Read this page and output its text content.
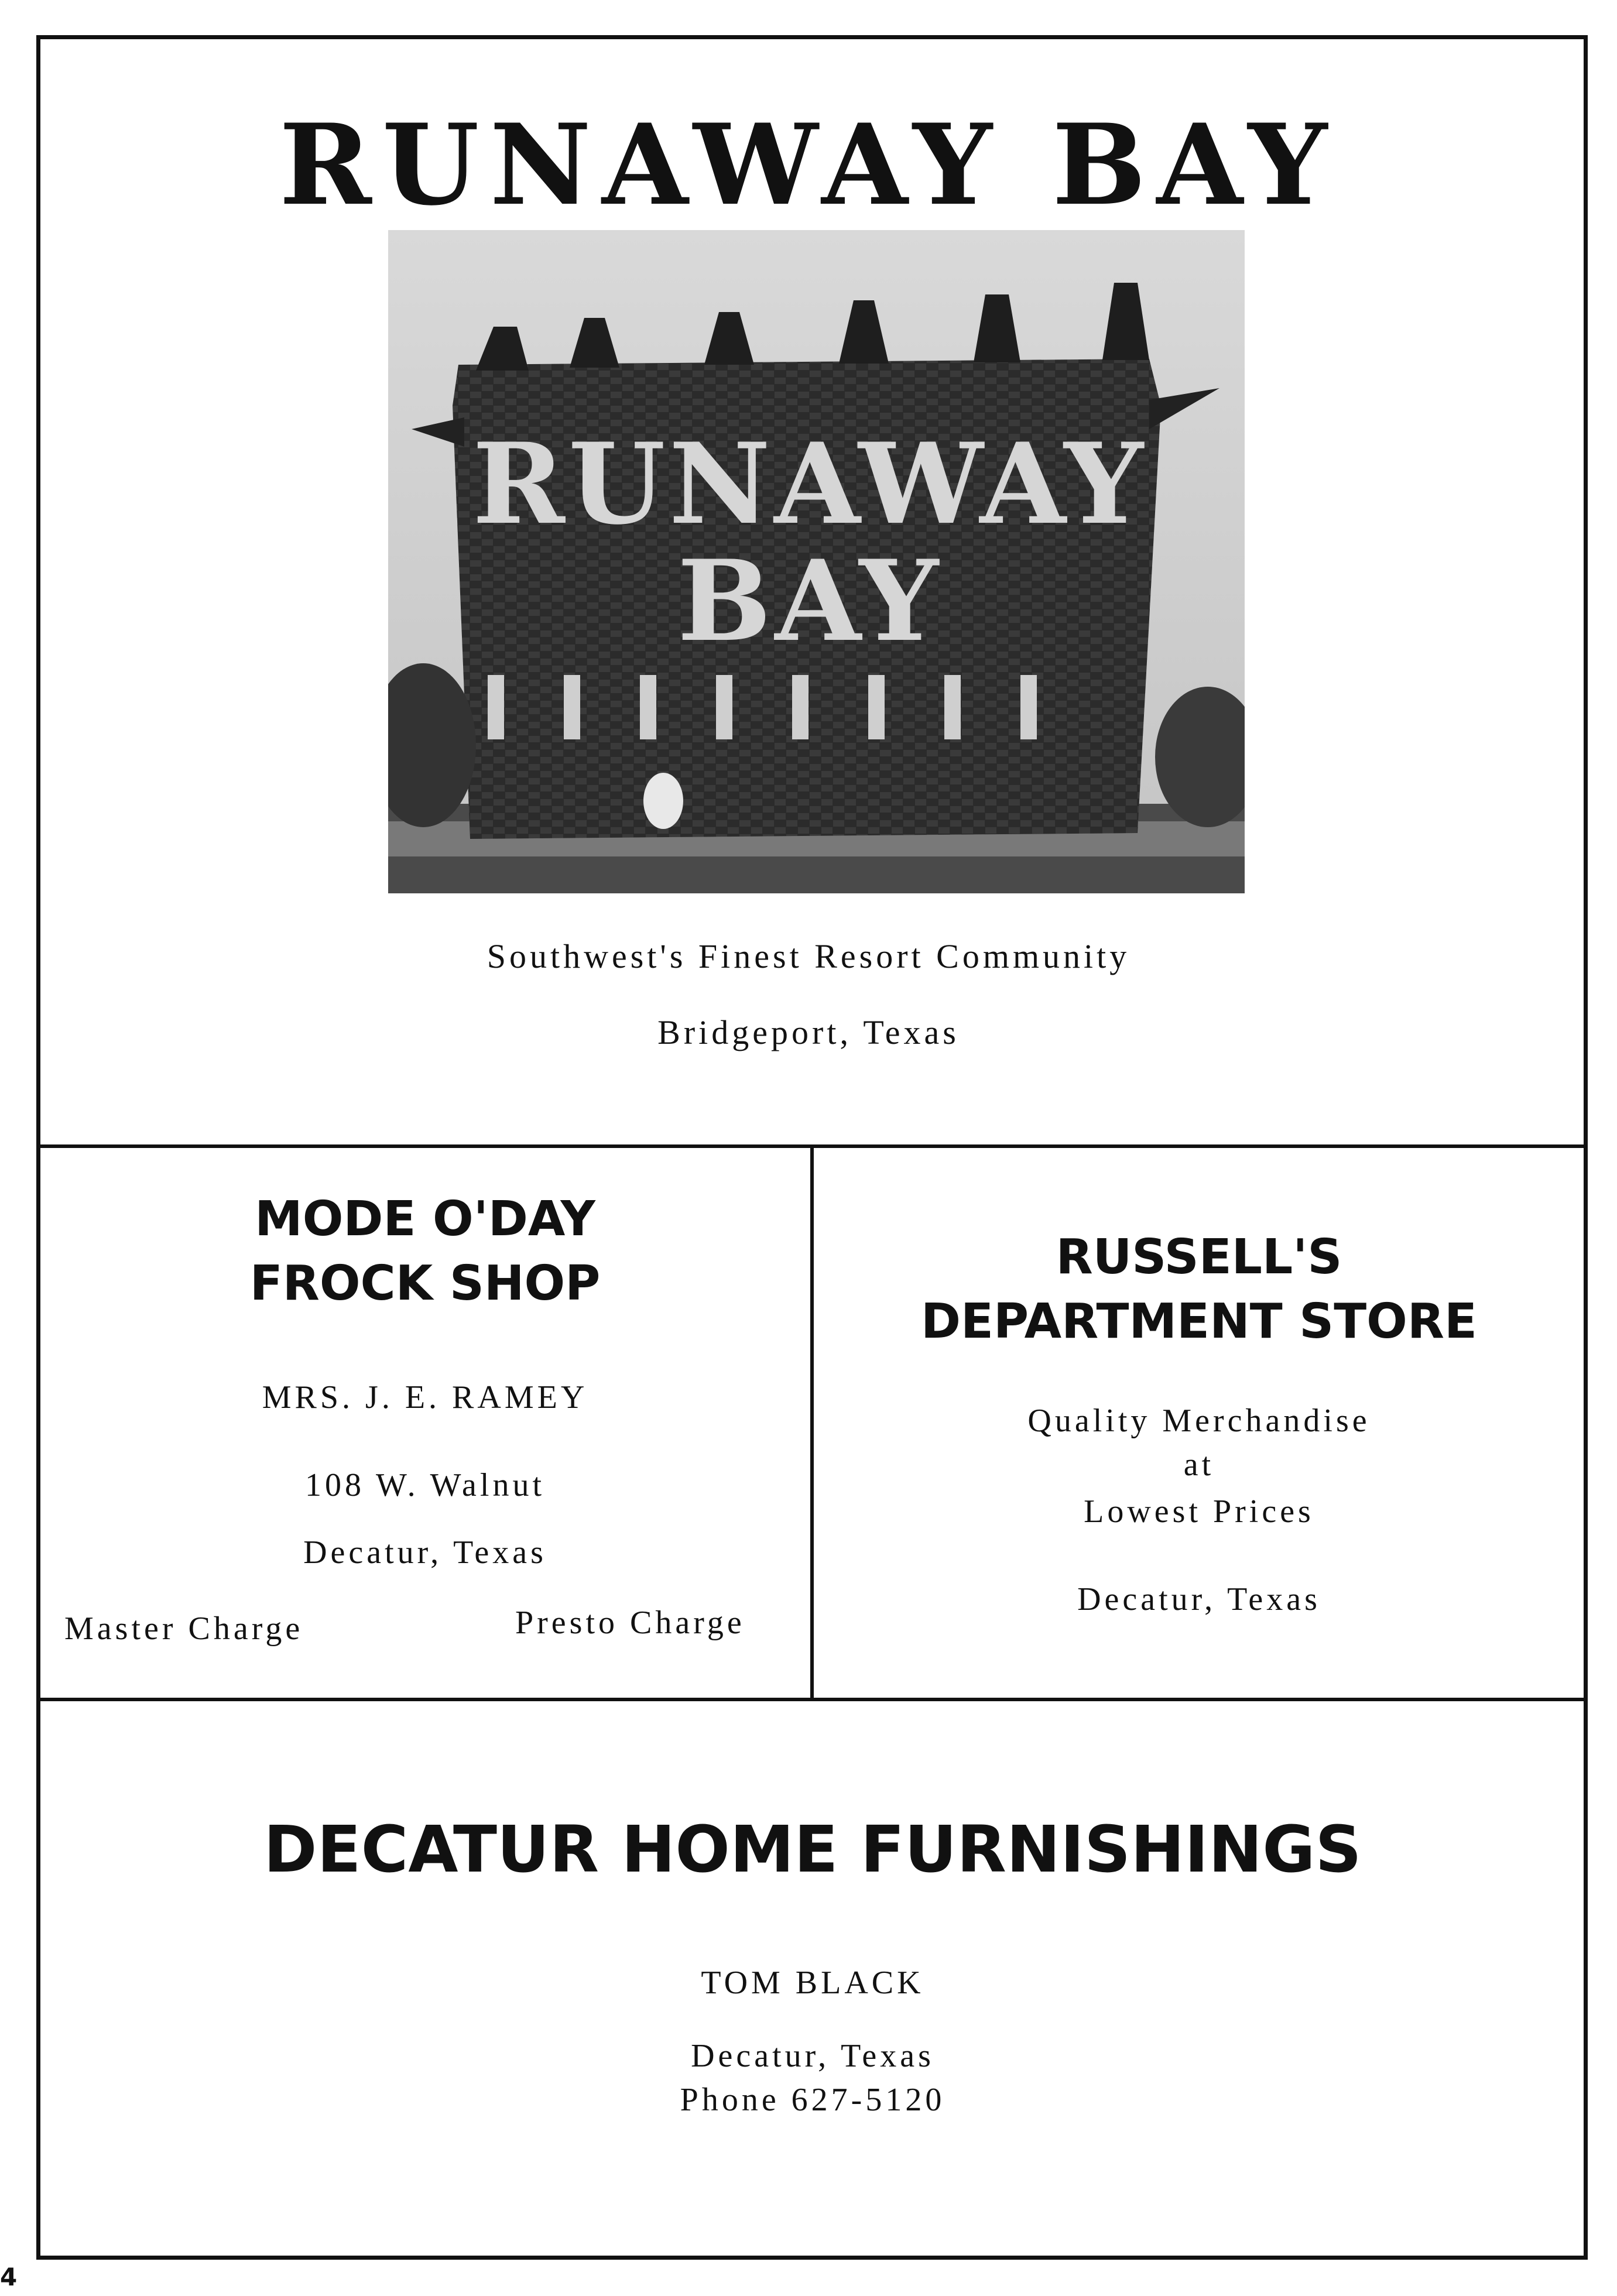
RUNAWAY BAY
RUNAWAY
BAY
Southwest's Finest Resort Community
Bridgeport, Texas
MODE O'DAY
FROCK SHOP
MRS. J. E. RAMEY
108 W. Walnut
Decatur, Texas
Master Charge	Presto Charge
RUSSELL'S
DEPARTMENT STORE
Quality Merchandise
at
Lowest Prices
Decatur, Texas
DECATUR HOME FURNISHINGS
TOM BLACK
Decatur, Texas
Phone 627-5120
4
